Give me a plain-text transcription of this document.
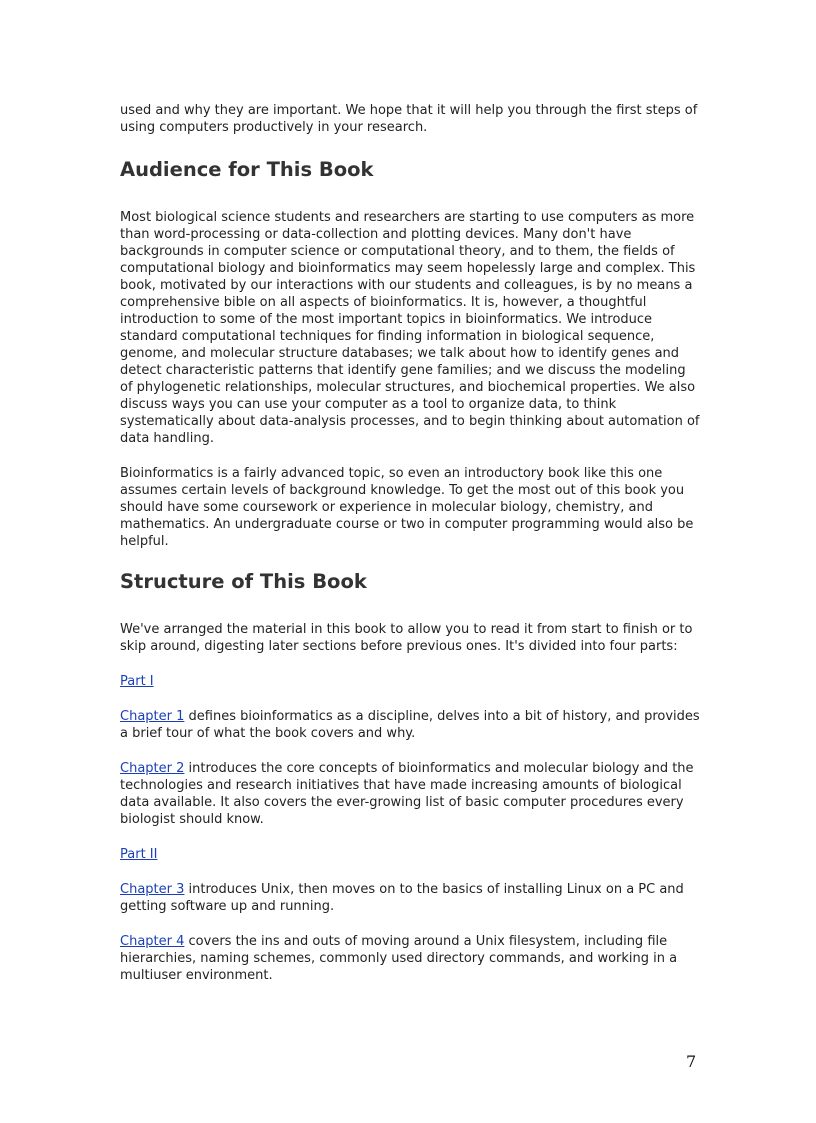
used and why they are important. We hope that it will help you through the first steps of using computers productively in your research.

Audience for This Book

Most biological science students and researchers are starting to use computers as more than word-processing or data-collection and plotting devices. Many don't have backgrounds in computer science or computational theory, and to them, the fields of computational biology and bioinformatics may seem hopelessly large and complex. This book, motivated by our interactions with our students and colleagues, is by no means a comprehensive bible on all aspects of bioinformatics. It is, however, a thoughtful introduction to some of the most important topics in bioinformatics. We introduce standard computational techniques for finding information in biological sequence, genome, and molecular structure databases; we talk about how to identify genes and detect characteristic patterns that identify gene families; and we discuss the modeling of phylogenetic relationships, molecular structures, and biochemical properties. We also discuss ways you can use your computer as a tool to organize data, to think systematically about data-analysis processes, and to begin thinking about automation of data handling.

Bioinformatics is a fairly advanced topic, so even an introductory book like this one assumes certain levels of background knowledge. To get the most out of this book you should have some coursework or experience in molecular biology, chemistry, and mathematics. An undergraduate course or two in computer programming would also be helpful.

Structure of This Book

We've arranged the material in this book to allow you to read it from start to finish or to skip around, digesting later sections before previous ones. It's divided into four parts:

Part I

Chapter 1 defines bioinformatics as a discipline, delves into a bit of history, and provides a brief tour of what the book covers and why.

Chapter 2 introduces the core concepts of bioinformatics and molecular biology and the technologies and research initiatives that have made increasing amounts of biological data available. It also covers the ever-growing list of basic computer procedures every biologist should know.

Part II

Chapter 3 introduces Unix, then moves on to the basics of installing Linux on a PC and getting software up and running.

Chapter 4 covers the ins and outs of moving around a Unix filesystem, including file hierarchies, naming schemes, commonly used directory commands, and working in a multiuser environment.

7
